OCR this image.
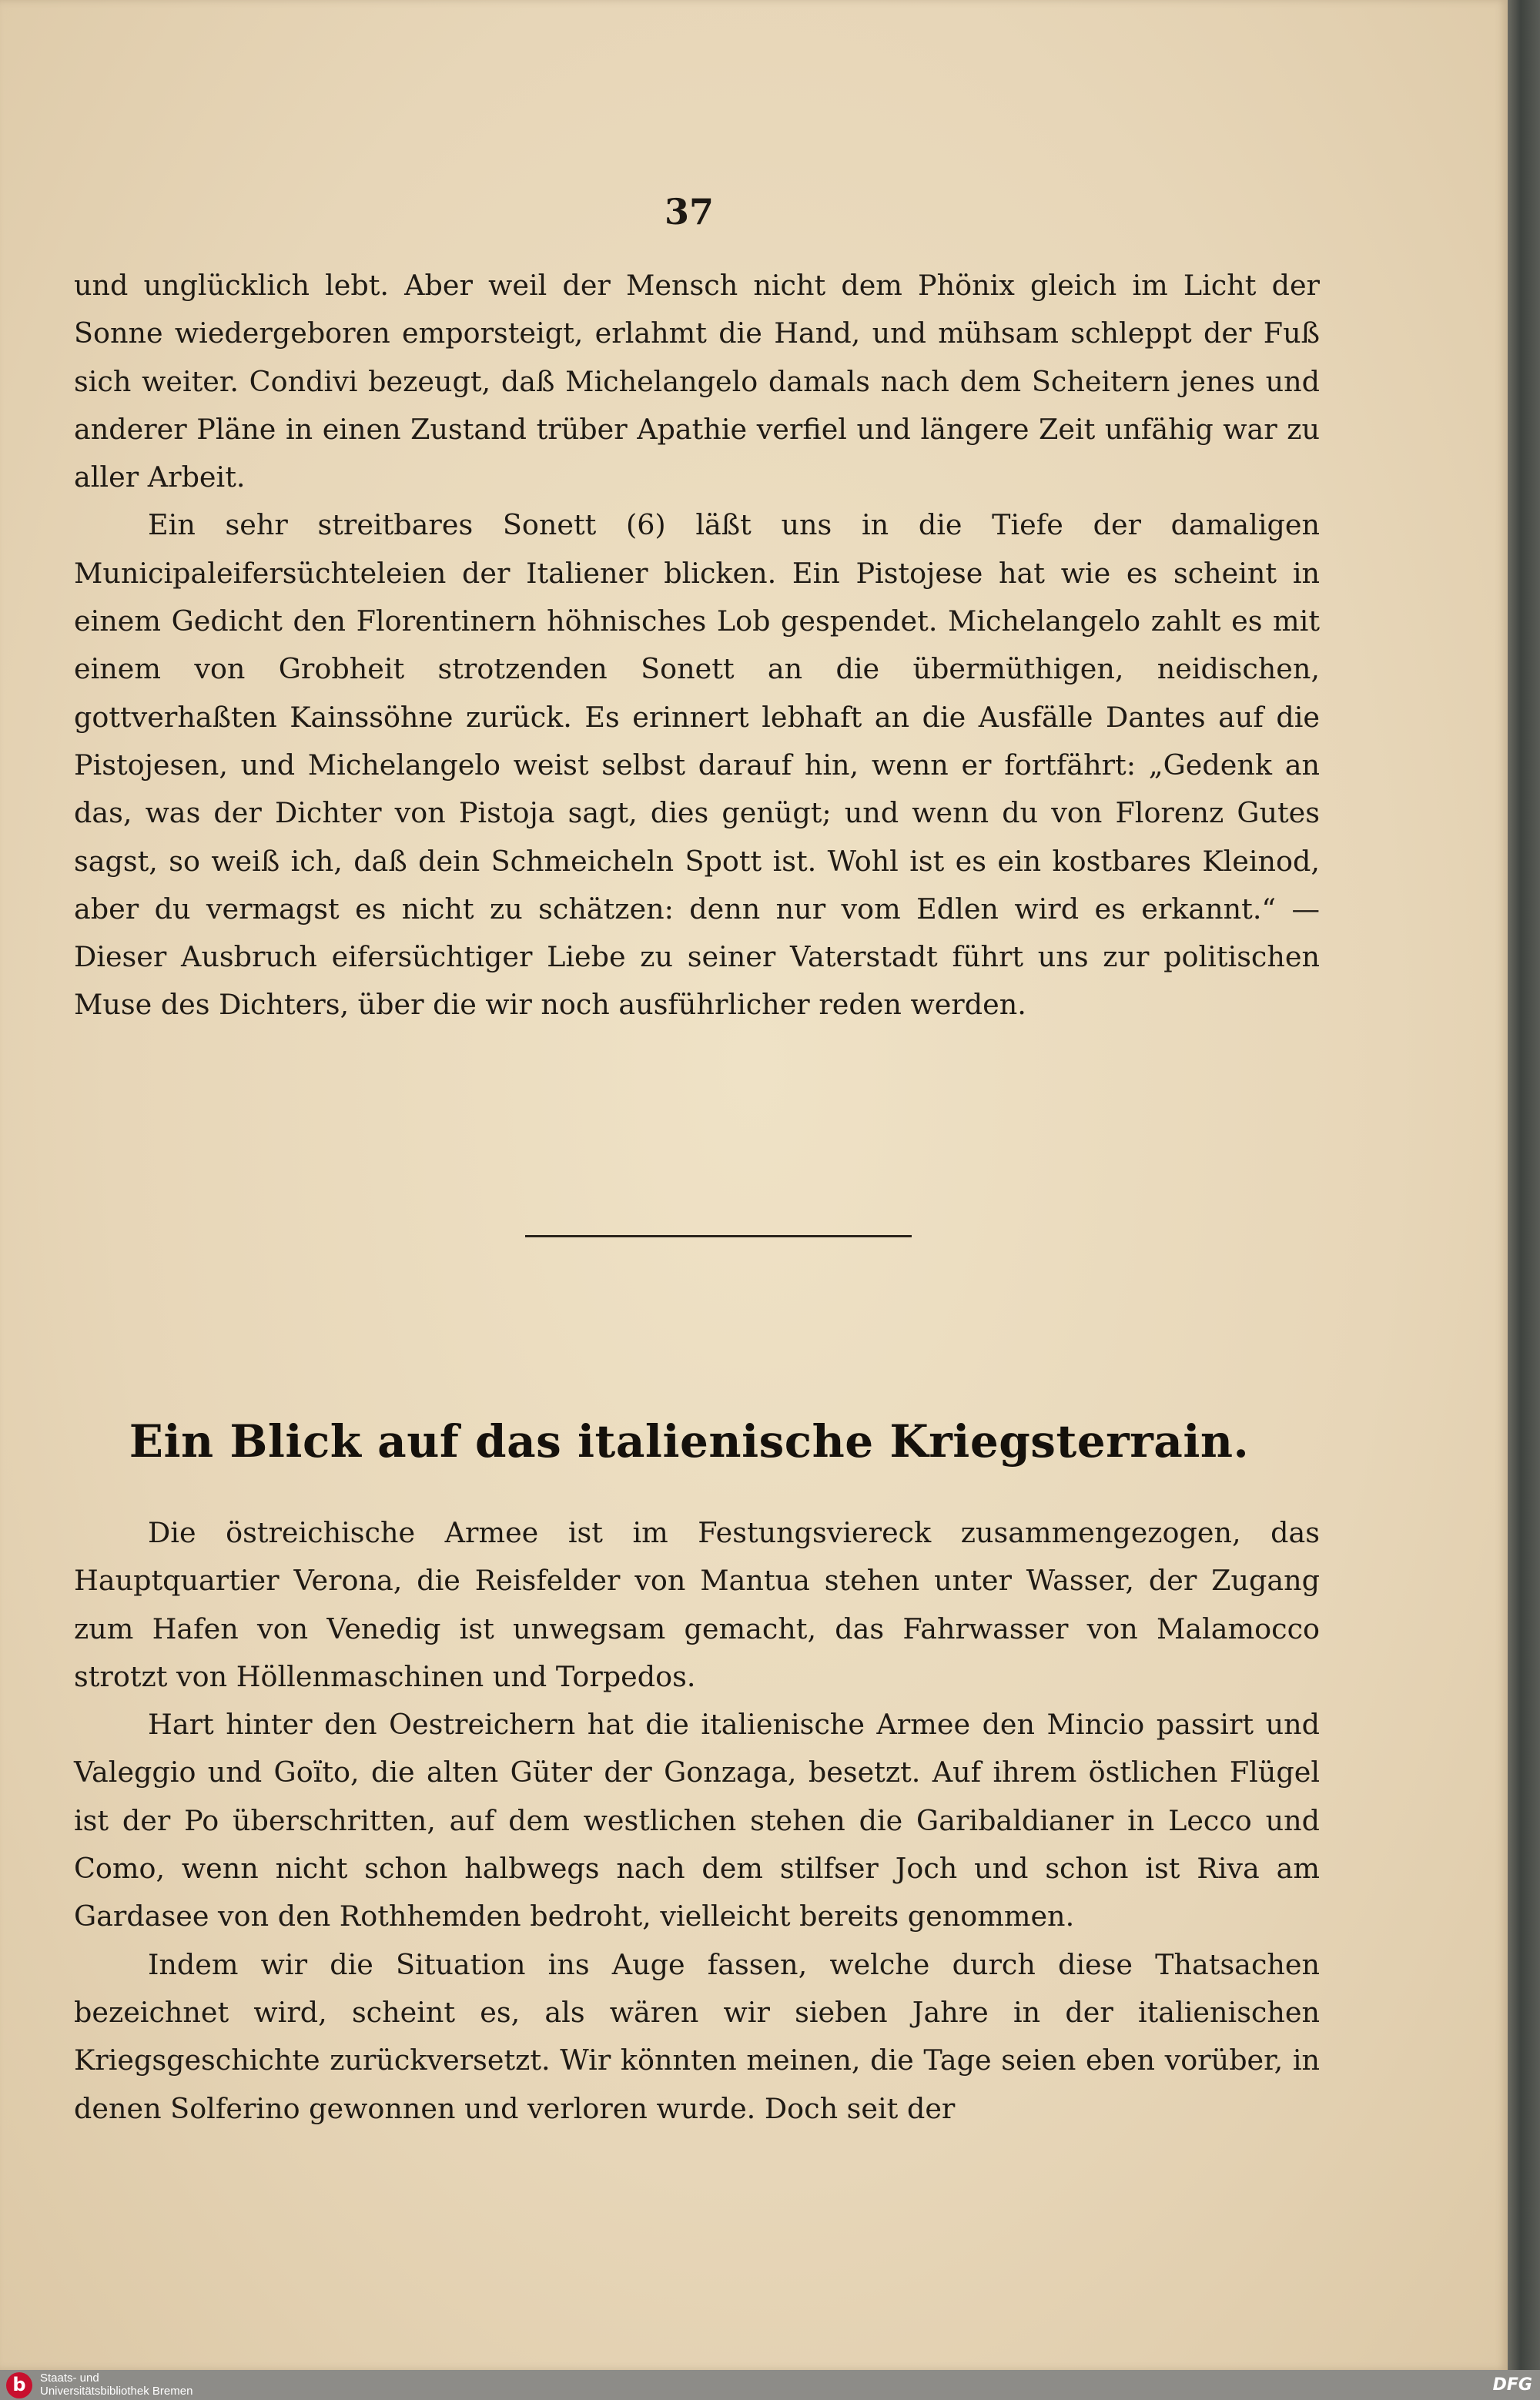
37

und unglücklich lebt. Aber weil der Mensch nicht dem Phönix gleich im Licht der Sonne wiedergeboren emporsteigt, erlahmt die Hand, und mühsam schleppt der Fuß sich weiter. Condivi bezeugt, daß Michelangelo damals nach dem Scheitern jenes und anderer Pläne in einen Zustand trüber Apathie verfiel und längere Zeit unfähig war zu aller Arbeit.

Ein sehr streitbares Sonett (6) läßt uns in die Tiefe der damaligen Municipaleifersüchteleien der Italiener blicken. Ein Pistojese hat wie es scheint in einem Gedicht den Florentinern höhnisches Lob gespendet. Michelangelo zahlt es mit einem von Grobheit strotzenden Sonett an die übermüthigen, neidischen, gottverhaßten Kainssöhne zurück. Es erinnert lebhaft an die Ausfälle Dantes auf die Pistojesen, und Michelangelo weist selbst darauf hin, wenn er fortfährt: „Gedenk an das, was der Dichter von Pistoja sagt, dies genügt; und wenn du von Florenz Gutes sagst, so weiß ich, daß dein Schmeicheln Spott ist. Wohl ist es ein kostbares Kleinod, aber du vermagst es nicht zu schätzen: denn nur vom Edlen wird es erkannt.“ — Dieser Ausbruch eifersüchtiger Liebe zu seiner Vaterstadt führt uns zur politischen Muse des Dichters, über die wir noch ausführlicher reden werden.

Ein Blick auf das italienische Kriegsterrain.

Die östreichische Armee ist im Festungsviereck zusammengezogen, das Hauptquartier Verona, die Reisfelder von Mantua stehen unter Wasser, der Zugang zum Hafen von Venedig ist unwegsam gemacht, das Fahrwasser von Malamocco strotzt von Höllenmaschinen und Torpedos.

Hart hinter den Oestreichern hat die italienische Armee den Mincio passirt und Valeggio und Goïto, die alten Güter der Gonzaga, besetzt. Auf ihrem östlichen Flügel ist der Po überschritten, auf dem westlichen stehen die Garibaldianer in Lecco und Como, wenn nicht schon halbwegs nach dem stilfser Joch und schon ist Riva am Gardasee von den Rothhemden bedroht, vielleicht bereits genommen.

Indem wir die Situation ins Auge fassen, welche durch diese Thatsachen bezeichnet wird, scheint es, als wären wir sieben Jahre in der italienischen Kriegsgeschichte zurückversetzt. Wir könnten meinen, die Tage seien eben vorüber, in denen Solferino gewonnen und verloren wurde. Doch seit der

b	Staats- und
Universitätsbibliothek Bremen	DFG
